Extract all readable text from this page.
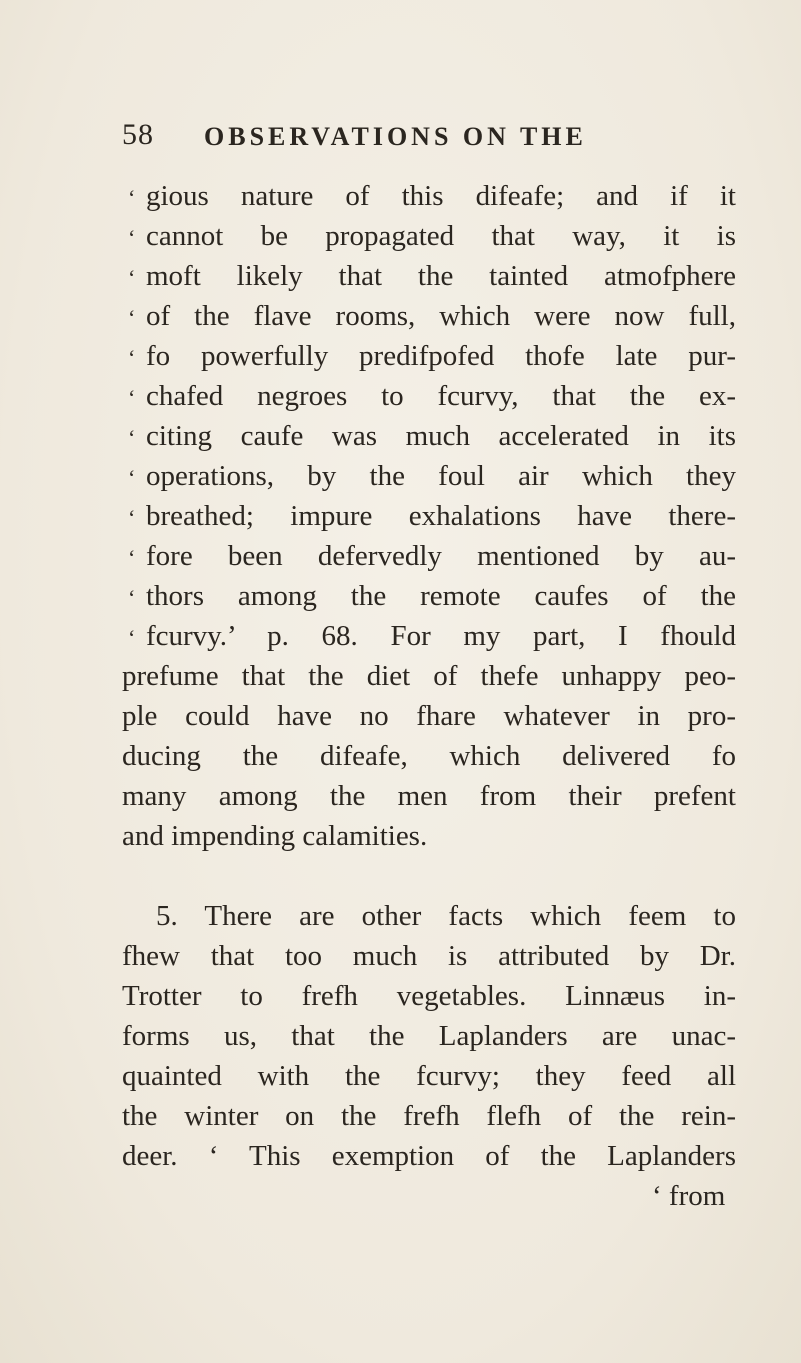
58 OBSERVATIONS ON THE
‘ gious nature of this difeafe; and if it
‘ cannot be propagated that way, it is
‘ moft likely that the tainted atmofphere
‘ of the flave rooms, which were now full,
‘ fo powerfully predifpofed thofe late pur-
‘ chafed negroes to fcurvy, that the ex-
‘ citing caufe was much accelerated in its
‘ operations, by the foul air which they
‘ breathed; impure exhalations have there-
‘ fore been defervedly mentioned by au-
‘ thors among the remote caufes of the
‘ fcurvy.’ p. 68. For my part, I fhould
prefume that the diet of thefe unhappy peo-
ple could have no fhare whatever in pro-
ducing the difeafe, which delivered fo
many among the men from their prefent
and impending calamities.
5. There are other facts which feem to
fhew that too much is attributed by Dr.
Trotter to frefh vegetables. Linnæus in-
forms us, that the Laplanders are unac-
quainted with the fcurvy; they feed all
the winter on the frefh flefh of the rein-
deer. ‘ This exemption of the Laplanders
‘ from
